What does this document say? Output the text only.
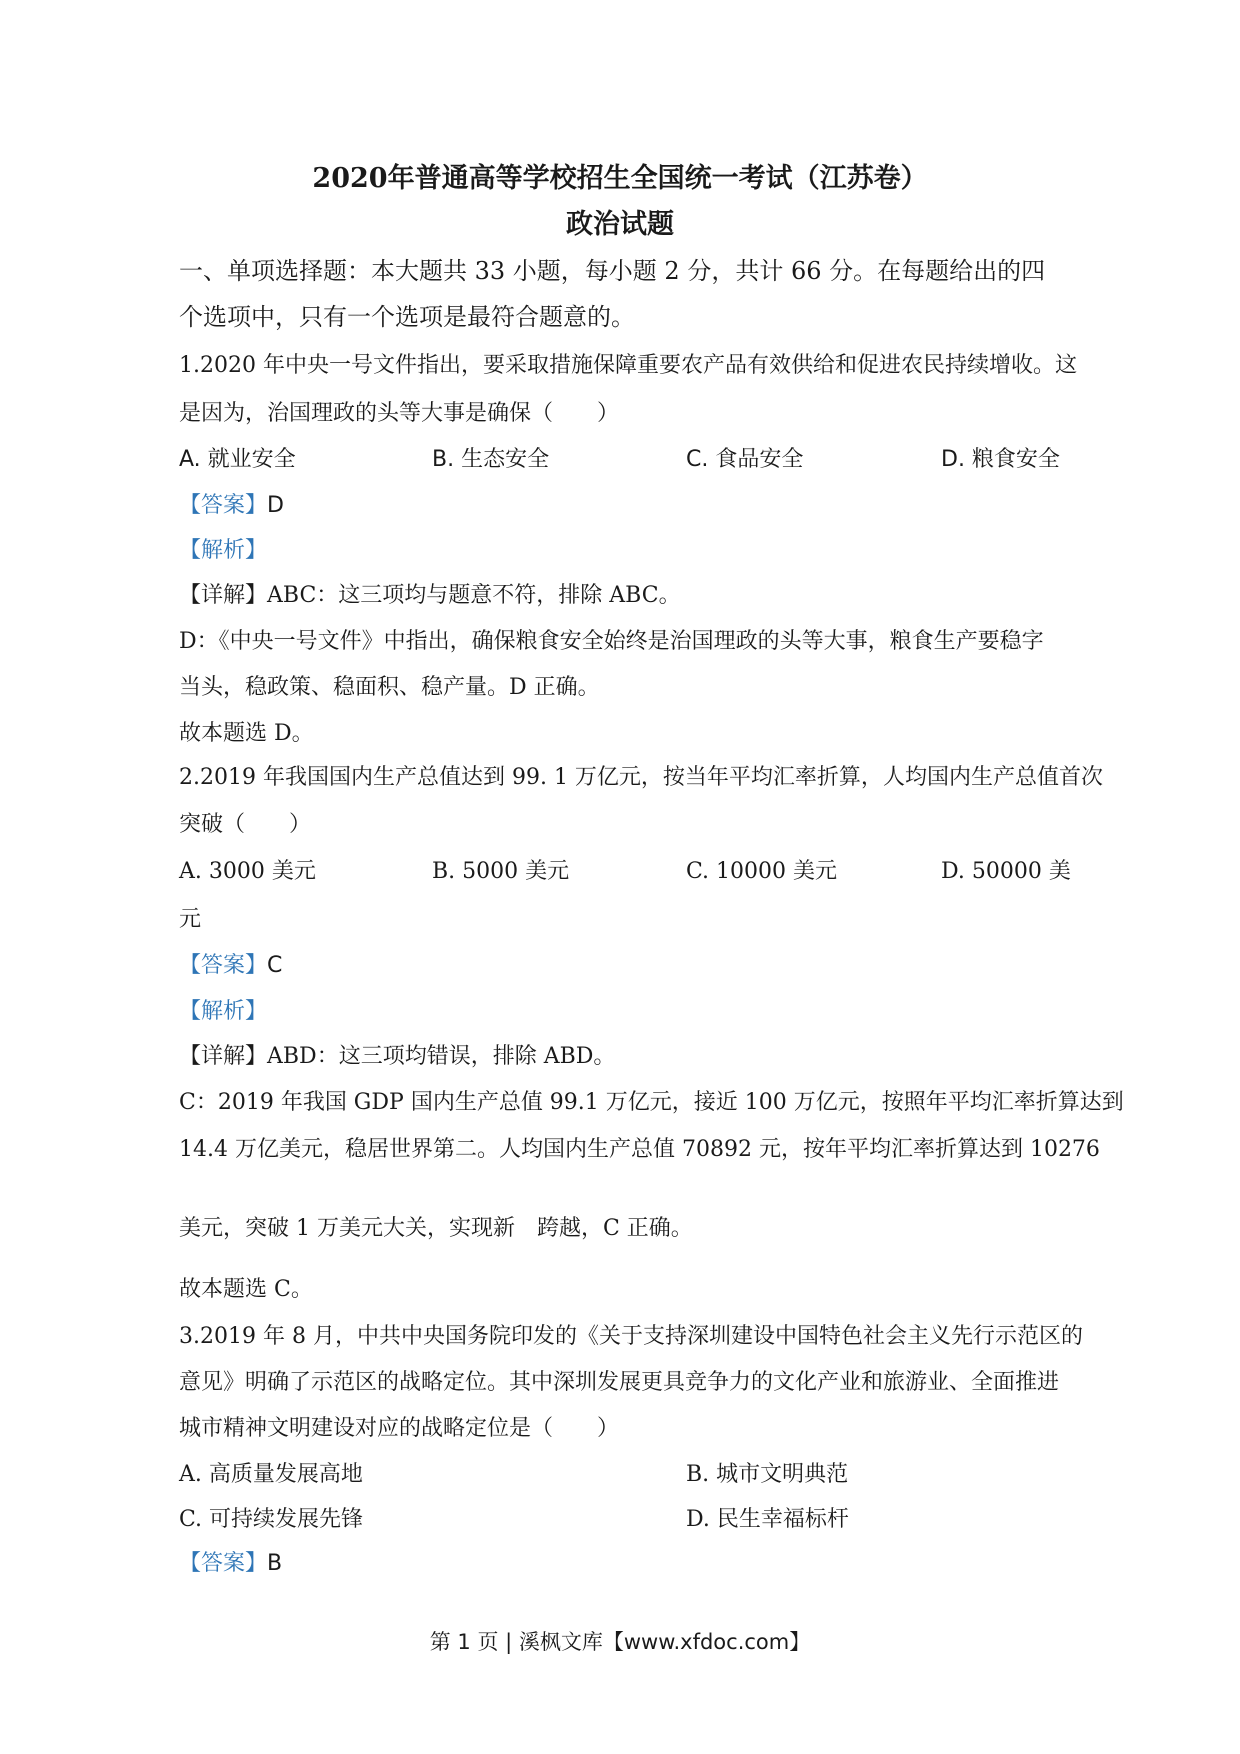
2020年普通高等学校招生全国统一考试（江苏卷）
政治试题
一、单项选择题：本大题共 33 小题，每小题 2 分，共计 66 分。在每题给出的四
个选项中，只有一个选项是最符合题意的。
1.2020 年中央一号文件指出，要采取措施保障重要农产品有效供给和促进农民持续增收。这
是因为，治国理政的头等大事是确保（　　）
A. 就业安全	B. 生态安全	C. 食品安全	D. 粮食安全
【答案】D
【解析】
【详解】ABC：这三项均与题意不符，排除 ABC。
D：《中央一号文件》中指出，确保粮食安全始终是治国理政的头等大事，粮食生产要稳字
当头，稳政策、稳面积、稳产量。D 正确。
故本题选 D。
2.2019 年我国国内生产总值达到 99. 1 万亿元，按当年平均汇率折算，人均国内生产总值首次
突破（　　）
A. 3000 美元	B. 5000 美元	C. 10000 美元	D. 50000 美
元
【答案】C
【解析】
【详解】ABD：这三项均错误，排除 ABD。
C：2019 年我国 GDP 国内生产总值 99.1 万亿元，接近 100 万亿元，按照年平均汇率折算达到
14.4 万亿美元，稳居世界第二。人均国内生产总值 70892 元，按年平均汇率折算达到 10276
美元，突破 1 万美元大关，实现新　跨越，C 正确。
故本题选 C。
3.2019 年 8 月，中共中央国务院印发的《关于支持深圳建设中国特色社会主义先行示范区的
意见》明确了示范区的战略定位。其中深圳发展更具竞争力的文化产业和旅游业、全面推进
城市精神文明建设对应的战略定位是（　　）
A. 高质量发展高地	B. 城市文明典范
C. 可持续发展先锋	D. 民生幸福标杆
【答案】B
第 1 页 | 溪枫文库【www.xfdoc.com】
